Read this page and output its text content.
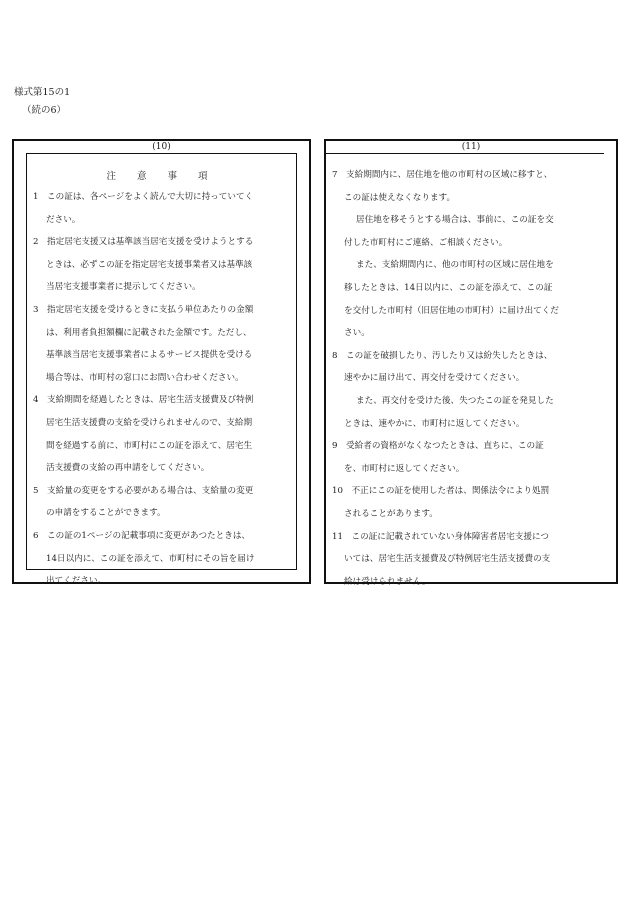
様式第15の1
（続の6）
(10)
注 意 事 項
1　この証は、各ページをよく読んで大切に持っていてく
ださい。
2　指定居宅支援又は基準該当居宅支援を受けようとする
ときは、必ずこの証を指定居宅支援事業者又は基準該
当居宅支援事業者に提示してください。
3　指定居宅支援を受けるときに支払う単位あたりの金額
は、利用者負担額欄に記載された金額です。ただし、
基準該当居宅支援事業者によるサービス提供を受ける
場合等は、市町村の窓口にお問い合わせください。
4　支給期間を経過したときは、居宅生活支援費及び特例
居宅生活支援費の支給を受けられませんので、支給期
間を経過する前に、市町村にこの証を添えて、居宅生
活支援費の支給の再申請をしてください。
5　支給量の変更をする必要がある場合は、支給量の変更
の申請をすることができます。
6　この証の1ページの記載事項に変更があつたときは、
14日以内に、この証を添えて、市町村にその旨を届け
出てください。
(11)
7　支給期間内に、居住地を他の市町村の区域に移すと、
この証は使えなくなります。
居住地を移そうとする場合は、事前に、この証を交
付した市町村にご連絡、ご相談ください。
また、支給期間内に、他の市町村の区域に居住地を
移したときは、14日以内に、この証を添えて、この証
を交付した市町村（旧居住地の市町村）に届け出てくだ
さい。
8　この証を破損したり、汚したり又は紛失したときは、
速やかに届け出て、再交付を受けてください。
また、再交付を受けた後、失つたこの証を発見した
ときは、速やかに、市町村に返してください。
9　受給者の資格がなくなつたときは、直ちに、この証
を、市町村に返してください。
10　不正にこの証を使用した者は、関係法令により処罰
されることがあります。
11　この証に記載されていない身体障害者居宅支援につ
いては、居宅生活支援費及び特例居宅生活支援費の支
給は受けられません。
